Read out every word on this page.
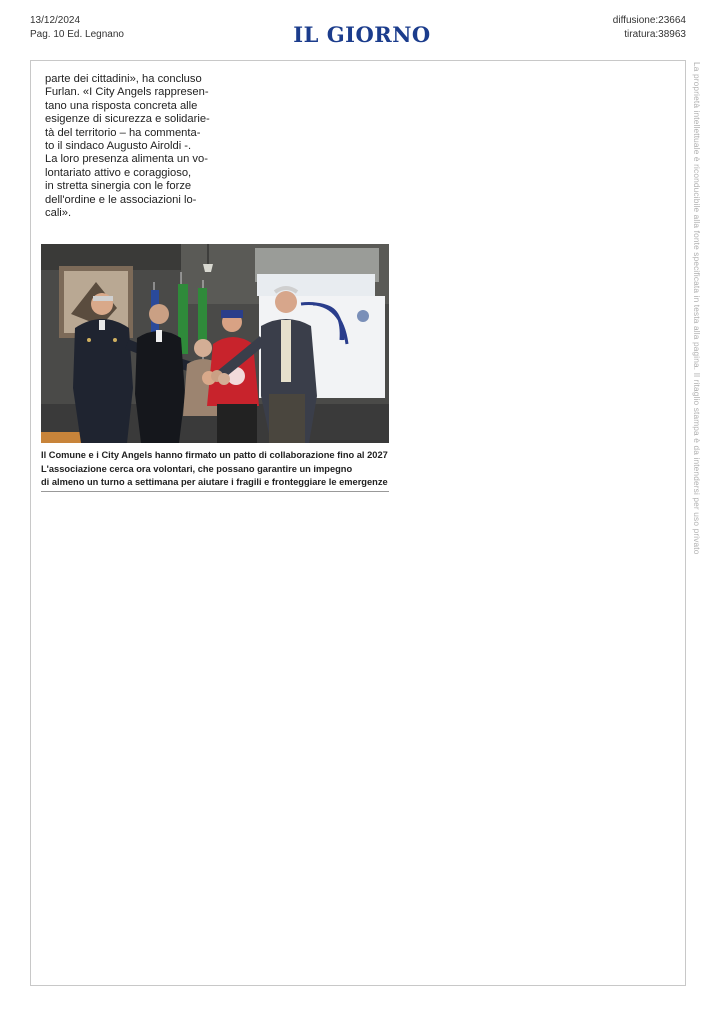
13/12/2024
Pag. 10 Ed. Legnano	IL GIORNO
diffusione:23664
tiratura:38963

parte dei cittadini», ha concluso

Furlan. «I City Angels rappresen-

tano una risposta concreta alle

esigenze di sicurezza e solidarie-

tà del territorio – ha commenta-

to il sindaco Augusto Airoldi -.

La loro presenza alimenta un vo-

lontariato attivo e coraggioso,

in stretta sinergia con le forze

dell'ordine e le associazioni lo-

cali».

Il Comune e i City Angels hanno firmato un patto di collaborazione fino al 2027
L'associazione cerca ora volontari, che possano garantire un impegno
di almeno un turno a settimana per aiutare i fragili e fronteggiare le emergenze	La proprietà intellettuale è riconducibile alla fonte specificata in testa alla pagina. Il ritaglio stampa è da intendersi per uso privato
